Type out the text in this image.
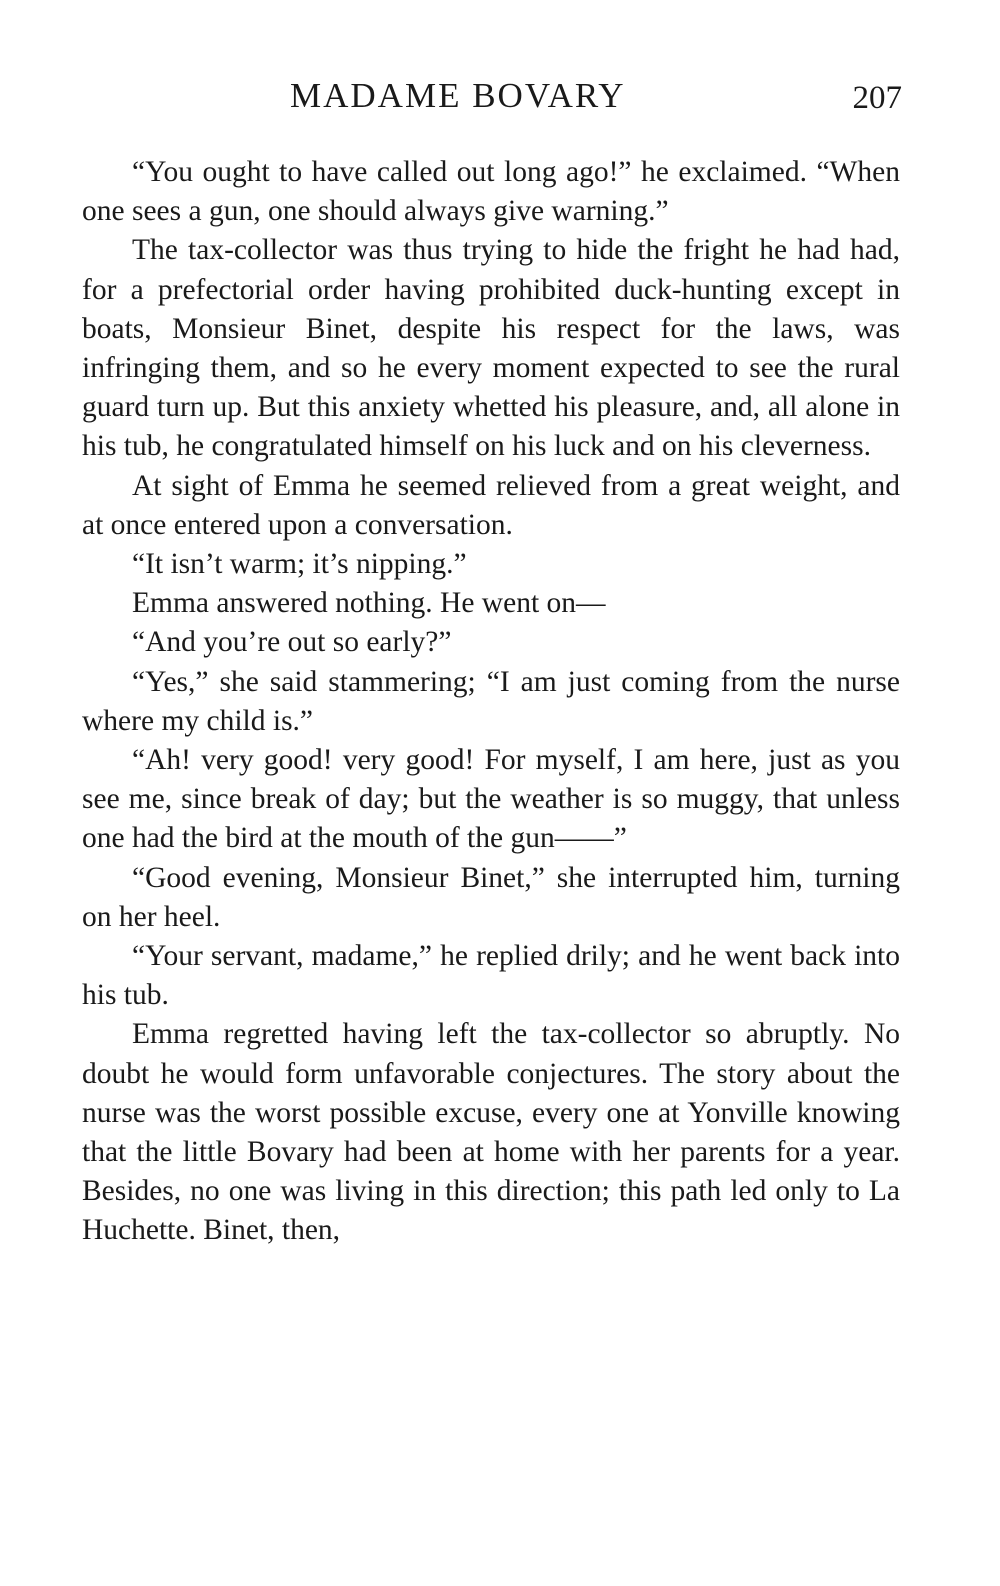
MADAME BOVARY	207

“You ought to have called out long ago!” he exclaimed. “When one sees a gun, one should always give warning.”

The tax-collector was thus trying to hide the fright he had had, for a prefectorial order having prohibited duck-hunting except in boats, Monsieur Binet, despite his respect for the laws, was infringing them, and so he every moment expected to see the rural guard turn up. But this anxiety whetted his pleasure, and, all alone in his tub, he congratulated himself on his luck and on his cleverness.

At sight of Emma he seemed relieved from a great weight, and at once entered upon a conversation.

“It isn’t warm; it’s nipping.”

Emma answered nothing. He went on—

“And you’re out so early?”

“Yes,” she said stammering; “I am just coming from the nurse where my child is.”

“Ah! very good! very good! For myself, I am here, just as you see me, since break of day; but the weather is so muggy, that unless one had the bird at the mouth of the gun——”

“Good evening, Monsieur Binet,” she interrupted him, turning on her heel.

“Your servant, madame,” he replied drily; and he went back into his tub.

Emma regretted having left the tax-collector so abruptly. No doubt he would form unfavorable conjectures. The story about the nurse was the worst possible excuse, every one at Yonville knowing that the little Bovary had been at home with her parents for a year. Besides, no one was living in this direction; this path led only to La Huchette. Binet, then,
